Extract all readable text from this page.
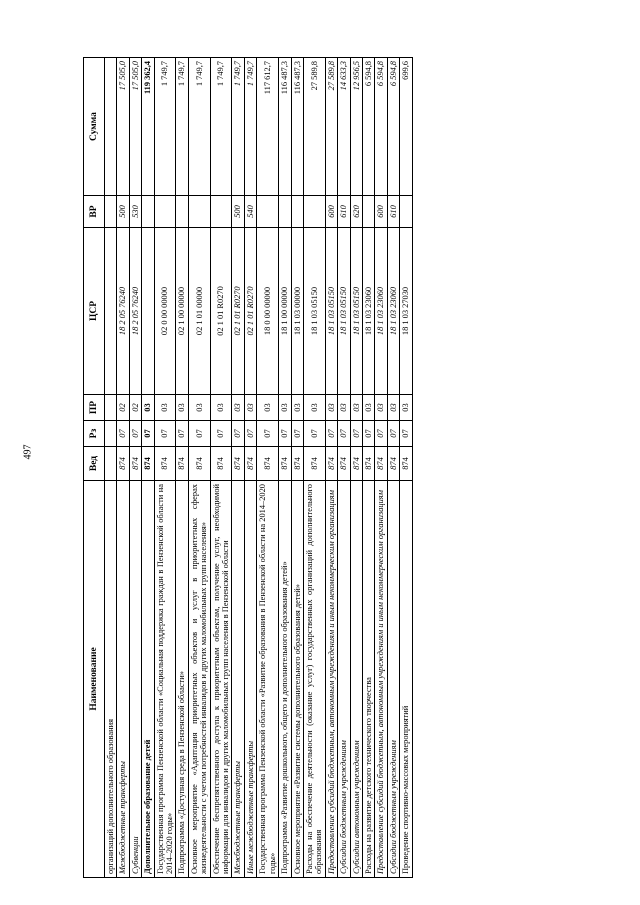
497
Наименование	Вед	Рз	ПР	ЦСР	ВР	Сумма
организаций дополнительного образования						
Межбюджетные трансферты	874	07	02	18 2 05 76240	500	17 505,0
Субвенции	874	07	02	18 2 05 76240	530	17 505,0
Дополнительное образование детей	874	07	03			119 362,4
Государственная программа Пензенской области «Социальная поддержка граждан в Пензенской области на 2014–2020 годы»	874	07	03	02 0 00 00000		1 749,7
Подпрограмма «Доступная среда в Пензенской области»	874	07	03	02 1 00 00000		1 749,7
Основное мероприятие «Адаптация приоритетных объектов и услуг в приоритетных сферах жизнедеятельности с учетом потребностей инвалидов и других маломобильных групп населения»	874	07	03	02 1 01 00000		1 749,7
Обеспечение беспрепятственного доступа к приоритетным объектам, получение услуг, необходимой информации для инвалидов и других маломобильных групп населения в Пензенской области	874	07	03	02 1 01 R0270		1 749,7
Межбюджетные трансферты	874	07	03	02 1 01 R0270	500	1 749,7
Иные межбюджетные трансферты	874	07	03	02 1 01 R0270	540	1 749,7
Государственная программа Пензенской области «Развитие образования в Пензенской области на 2014–2020 годы»	874	07	03	18 0 00 00000		117 612,7
Подпрограмма «Развитие дошкольного, общего и дополнительного образования детей»	874	07	03	18 1 00 00000		116 487,3
Основное мероприятие «Развитие системы дополнительного образования детей»	874	07	03	18 1 03 00000		116 487,3
Расходы на обеспечение деятельности (оказание услуг) государственных организаций дополнительного образования	874	07	03	18 1 03 05150		27 589,8
Предоставление субсидий бюджетным, автономным учреждениям и иным некоммерческим организациям	874	07	03	18 1 03 05150	600	27 589,8
Субсидии бюджетным учреждениям	874	07	03	18 1 03 05150	610	14 633,3
Субсидии автономным учреждениям	874	07	03	18 1 03 05150	620	12 956,5
Расходы на развитие детского технического творчества	874	07	03	18 1 03 23060		6 594,8
Предоставление субсидий бюджетным, автономным учреждениям и иным некоммерческим организациям	874	07	03	18 1 03 23060	600	6 594,8
Субсидии бюджетным учреждениям	874	07	03	18 1 03 23060	610	6 594,8
Проведение спортивно-массовых мероприятий	874	07	03	18 1 03 27030		699,6
